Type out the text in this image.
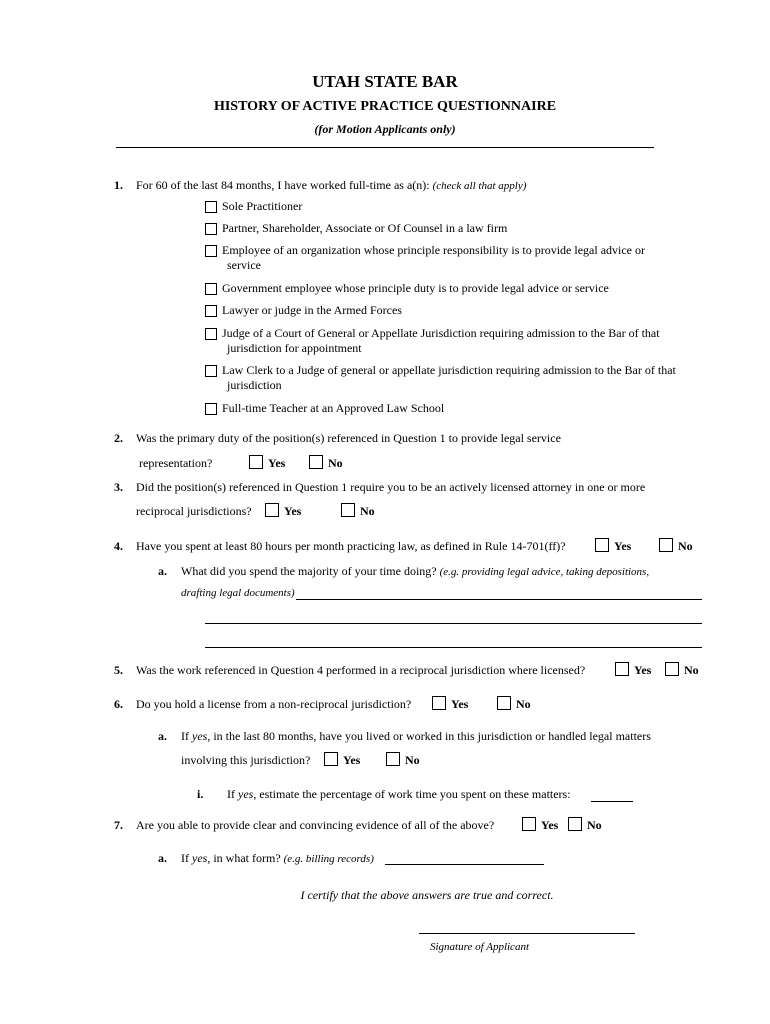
UTAH STATE BAR
HISTORY OF ACTIVE PRACTICE QUESTIONNAIRE
(for Motion Applicants only)
1. For 60 of the last 84 months, I have worked full-time as a(n): (check all that apply)
Sole Practitioner
Partner, Shareholder, Associate or Of Counsel in a law firm
Employee of an organization whose principle responsibility is to provide legal advice or
service
Government employee whose principle duty is to provide legal advice or service
Lawyer or judge in the Armed Forces
Judge of a Court of General or Appellate Jurisdiction requiring admission to the Bar of that
jurisdiction for appointment
Law Clerk to a Judge of general or appellate jurisdiction requiring admission to the Bar of that
jurisdiction
Full-time Teacher at an Approved Law School
2. Was the primary duty of the position(s) referenced in Question 1 to provide legal service
representation?	Yes	No
3. Did the position(s) referenced in Question 1 require you to be an actively licensed attorney in one or more
reciprocal jurisdictions?	Yes	No
4. Have you spent at least 80 hours per month practicing law, as defined in Rule 14-701(ff)?	Yes	No
a. What did you spend the majority of your time doing? (e.g. providing legal advice, taking depositions,
drafting legal documents)
5. Was the work referenced in Question 4 performed in a reciprocal jurisdiction where licensed?	Yes	No
6. Do you hold a license from a non-reciprocal jurisdiction?	Yes	No
a. If yes, in the last 80 months, have you lived or worked in this jurisdiction or handled legal matters
involving this jurisdiction?	Yes	No
i. If yes, estimate the percentage of work time you spent on these matters:
7. Are you able to provide clear and convincing evidence of all of the above?	Yes No
a. If yes, in what form? (e.g. billing records)
I certify that the above answers are true and correct.
Signature of Applicant
